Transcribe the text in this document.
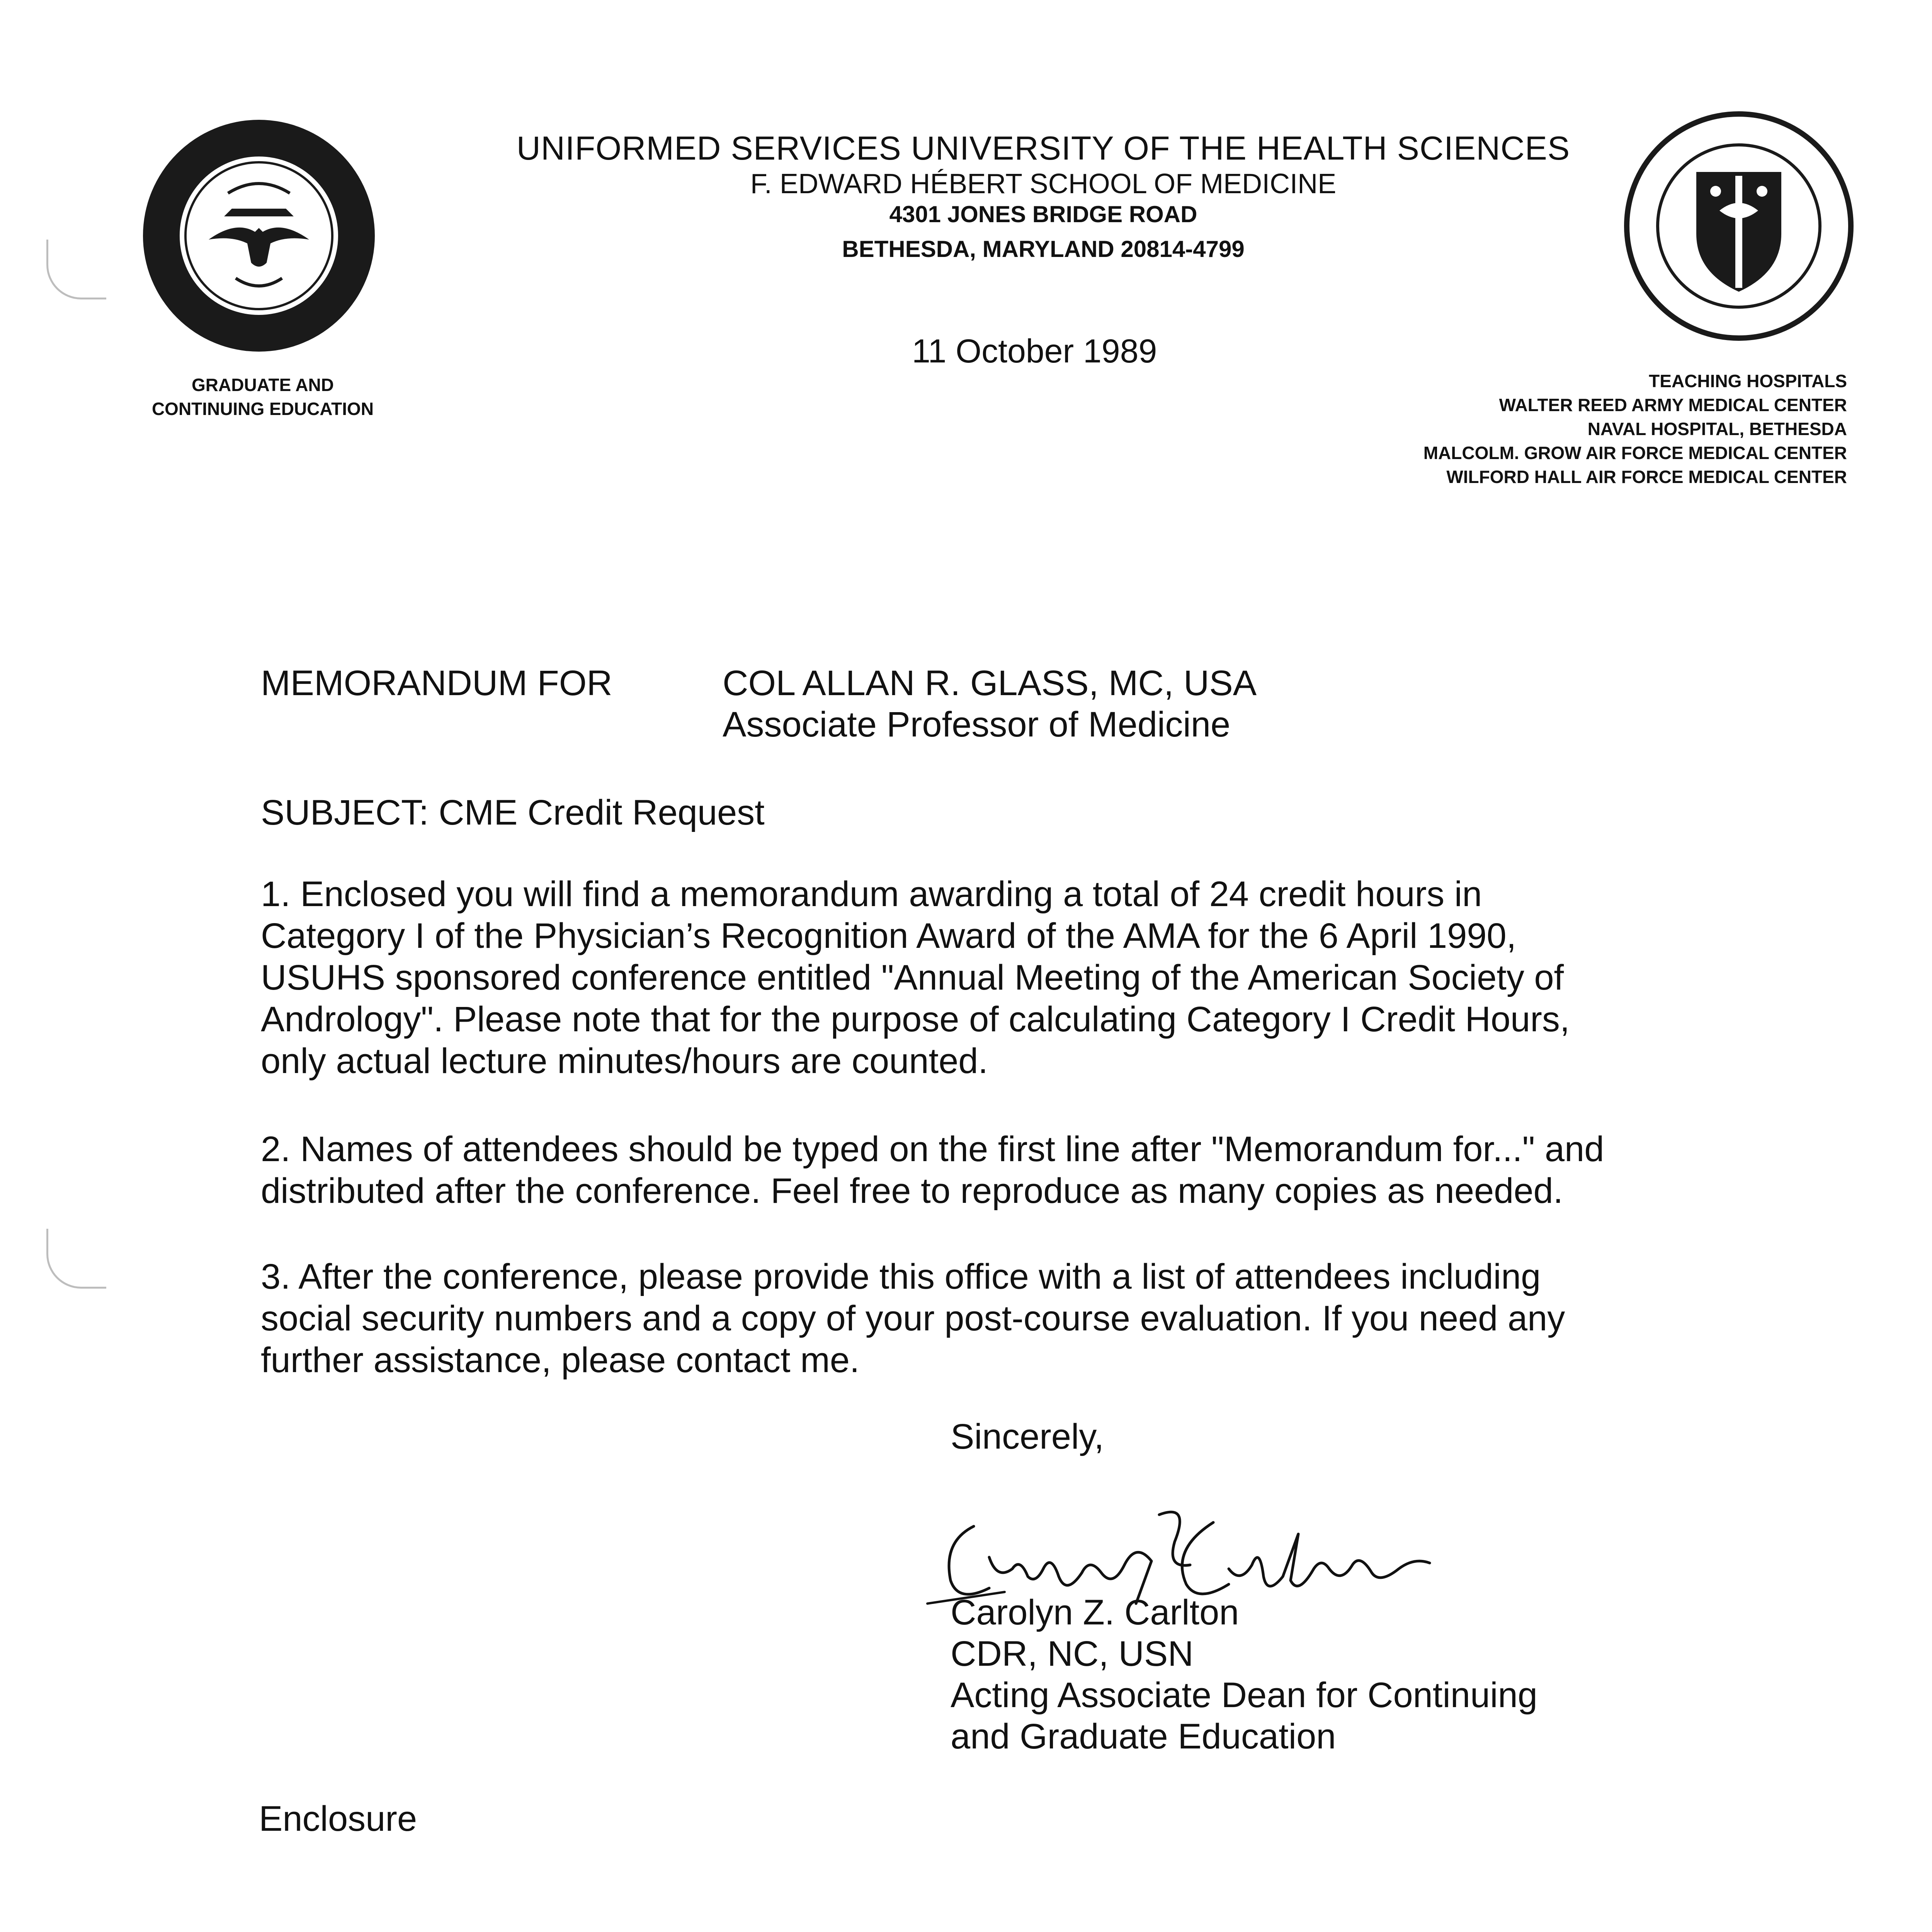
UNIFORMED SERVICES UNIVERSITY OF THE HEALTH SCIENCES
F. EDWARD HÉBERT SCHOOL OF MEDICINE
4301 JONES BRIDGE ROAD
BETHESDA, MARYLAND 20814-4799
GRADUATE AND
CONTINUING EDUCATION
11 October 1989
TEACHING HOSPITALS
WALTER REED ARMY MEDICAL CENTER
NAVAL HOSPITAL, BETHESDA
MALCOLM. GROW AIR FORCE MEDICAL CENTER
WILFORD HALL AIR FORCE MEDICAL CENTER
MEMORANDUM FOR	COL ALLAN R. GLASS, MC, USA
Associate Professor of Medicine
SUBJECT: CME Credit Request
1. Enclosed you will find a memorandum awarding a total of 24 credit hours in
Category I of the Physician’s Recognition Award of the AMA for the 6 April 1990,
USUHS sponsored conference entitled "Annual Meeting of the American Society of
Andrology". Please note that for the purpose of calculating Category I Credit Hours,
only actual lecture minutes/hours are counted.
2. Names of attendees should be typed on the first line after "Memorandum for..." and
distributed after the conference. Feel free to reproduce as many copies as needed.
3. After the conference, please provide this office with a list of attendees including
social security numbers and a copy of your post-course evaluation. If you need any
further assistance, please contact me.
Sincerely,
Carolyn Z. Carlton
CDR, NC, USN
Acting Associate Dean for Continuing
and Graduate Education
Enclosure
